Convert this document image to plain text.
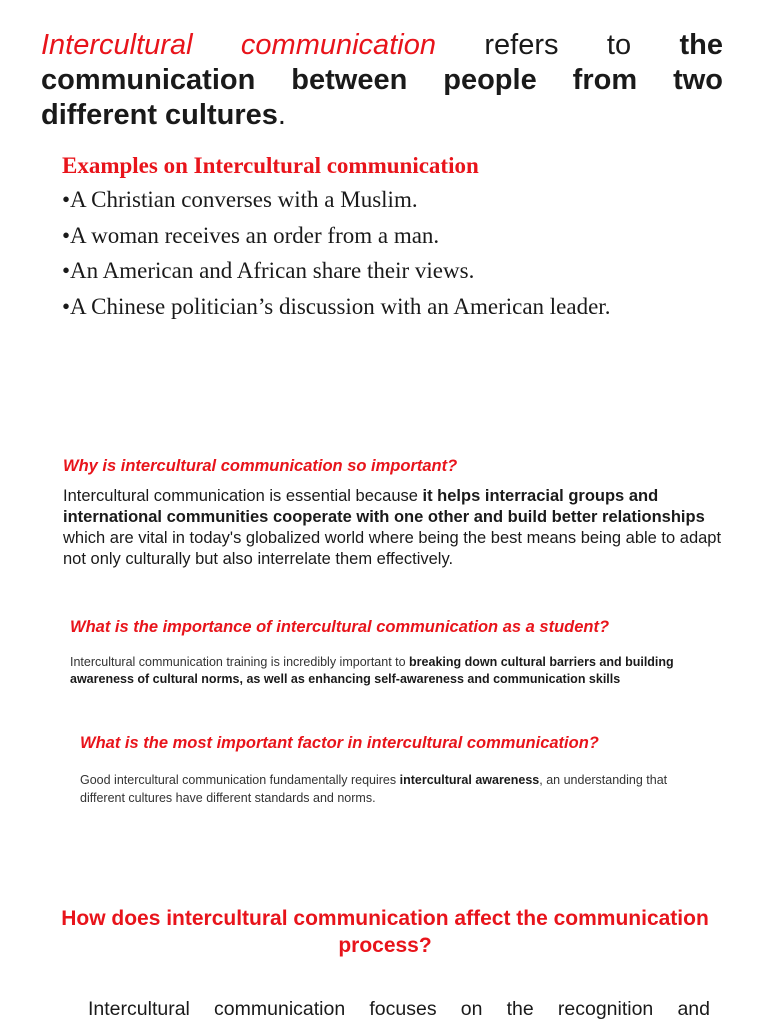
Intercultural communication refers to the communication between people from two different cultures.
Examples on Intercultural communication
•A Christian converses with a Muslim.
•A woman receives an order from a man.
•An American and African share their views.
•A Chinese politician’s discussion with an American leader.
Why is intercultural communication so important?
Intercultural communication is essential because it helps interracial groups and international communities cooperate with one other and build better relationships which are vital in today's globalized world where being the best means being able to adapt not only culturally but also interrelate them effectively.
What is the importance of intercultural communication as a student?
Intercultural communication training is incredibly important to breaking down cultural barriers and building awareness of cultural norms, as well as enhancing self-awareness and communication skills
What is the most important factor in intercultural communication?
Good intercultural communication fundamentally requires intercultural awareness, an understanding that different cultures have different standards and norms.
How does intercultural communication affect the communication process?
Intercultural communication focuses on the recognition and
